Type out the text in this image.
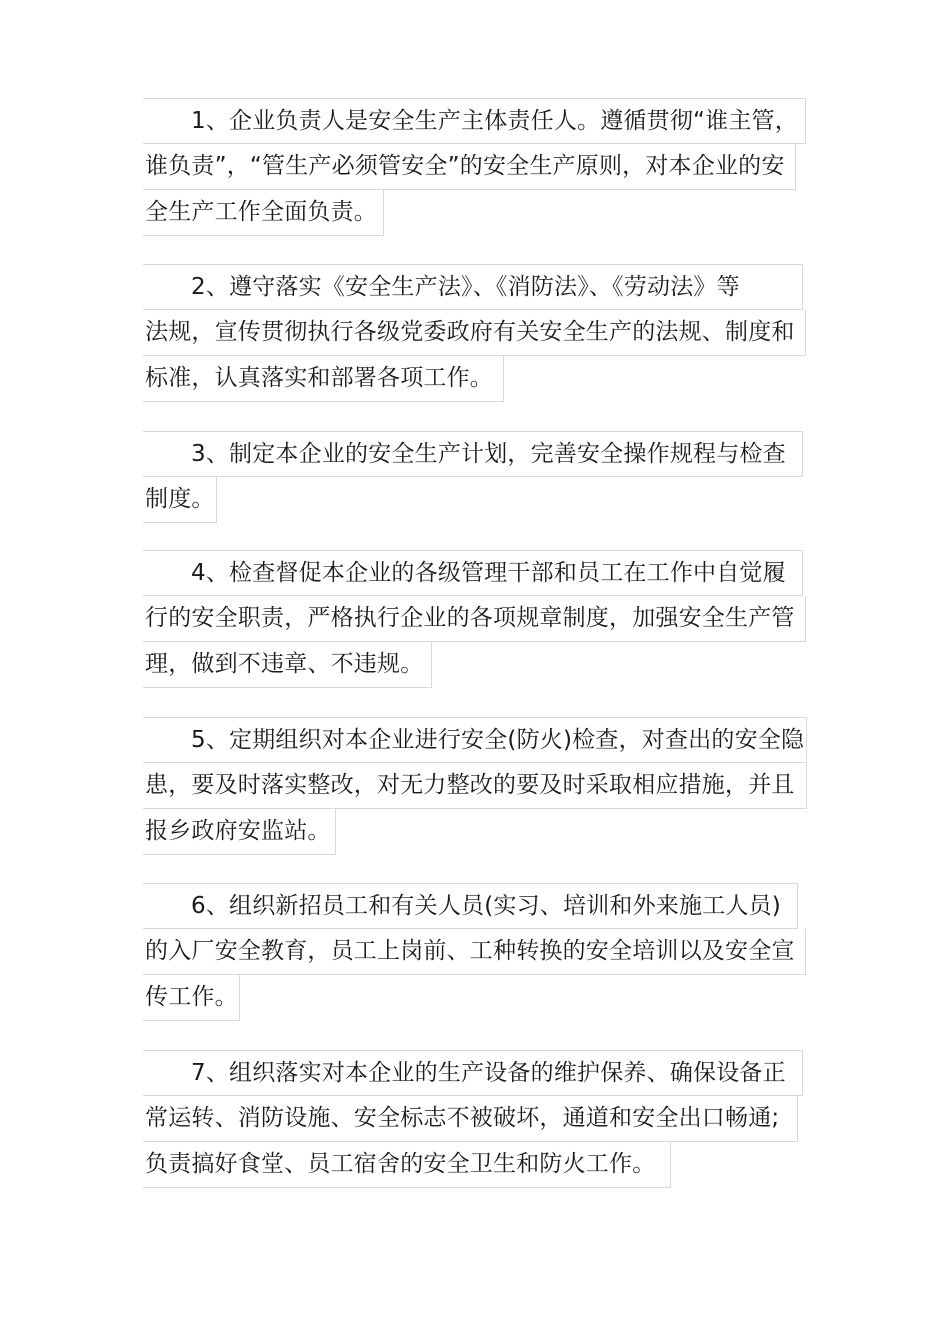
1、企业负责人是安全生产主体责任人。遵循贯彻“谁主管，
谁负责”，“管生产必须管安全”的安全生产原则，对本企业的安
全生产工作全面负责。
2、遵守落实《安全生产法》、《消防法》、《劳动法》等
法规，宣传贯彻执行各级党委政府有关安全生产的法规、制度和
标准，认真落实和部署各项工作。
3、制定本企业的安全生产计划，完善安全操作规程与检查
制度。
4、检查督促本企业的各级管理干部和员工在工作中自觉履
行的安全职责，严格执行企业的各项规章制度，加强安全生产管
理，做到不违章、不违规。
5、定期组织对本企业进行安全(防火)检查，对查出的安全隐
患，要及时落实整改，对无力整改的要及时采取相应措施，并且
报乡政府安监站。
6、组织新招员工和有关人员(实习、培训和外来施工人员)
的入厂安全教育，员工上岗前、工种转换的安全培训以及安全宣
传工作。
7、组织落实对本企业的生产设备的维护保养、确保设备正
常运转、消防设施、安全标志不被破坏，通道和安全出口畅通;
负责搞好食堂、员工宿舍的安全卫生和防火工作。
